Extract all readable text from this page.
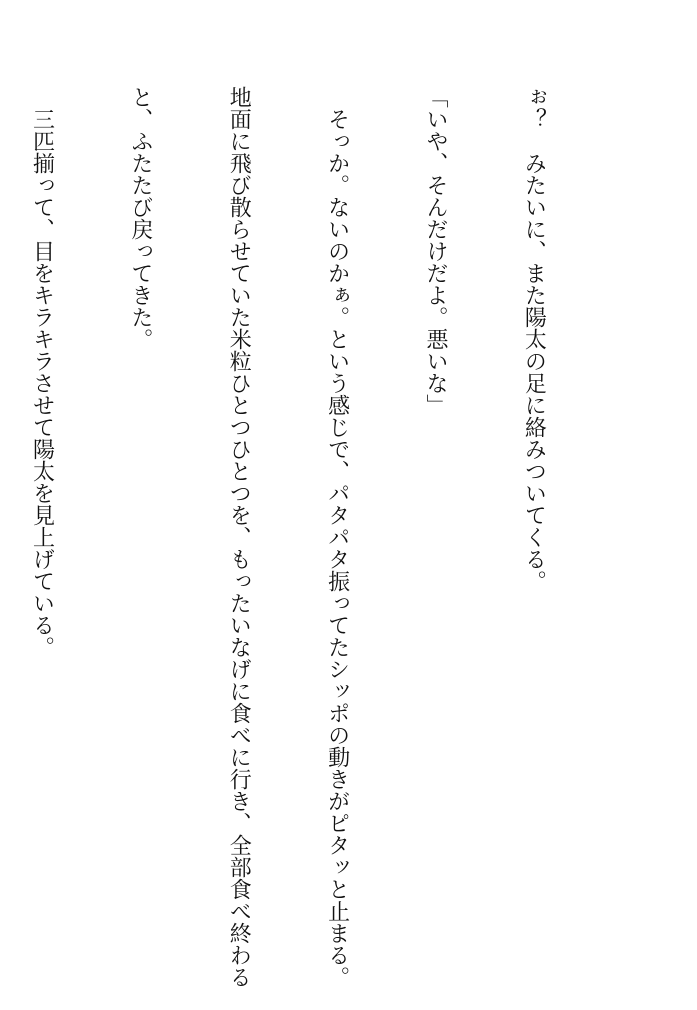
ぉ？　みたいに、また陽太の足に絡みついてくる。

「いや、そんだけだよ。悪いな」

　そっか。ないのかぁ。という感じで、パタパタ振ってたシッポの動きがピタッと止まる。

地面に飛び散らせていた米粒ひとつひとつを、もったいなげに食べに行き、全部食べ終わる

と、ふたたび戻ってきた。

　三匹揃って、目をキラキラさせて陽太を見上げている。
